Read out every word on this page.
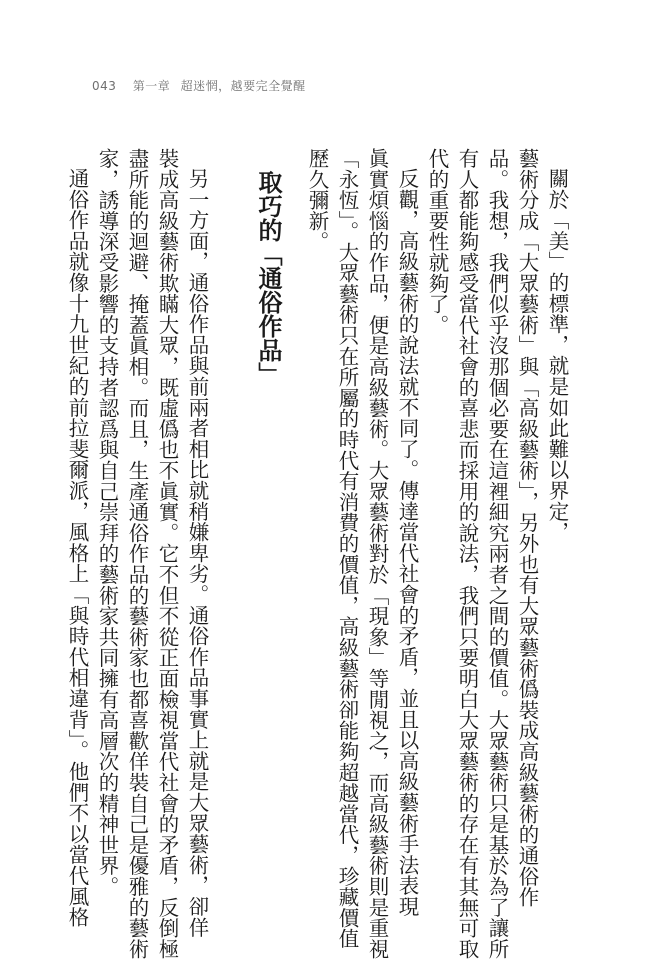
043 第一章 超迷惘，越要完全覺醒
關於「美」的標準，就是如此難以界定，
藝術分成「大眾藝術」與「高級藝術」，另外也有大眾藝術僞裝成高級藝術的通俗作
品。我想，我們似乎沒那個必要在這裡細究兩者之間的價值。大眾藝術只是基於為了讓所
有人都能夠感受當代社會的喜悲而採用的說法，我們只要明白大眾藝術的存在有其無可取
代的重要性就夠了。
反觀，高級藝術的說法就不同了。傳達當代社會的矛盾，並且以高級藝術手法表現
眞實煩惱的作品，便是高級藝術。大眾藝術對於「現象」等閒視之，而高級藝術則是重視
「永恆」。大眾藝術只在所屬的時代有消費的價值，高級藝術卻能夠超越當代，珍藏價值
歷久彌新。
取巧的「通俗作品」
另一方面，通俗作品與前兩者相比就稍嫌卑劣。通俗作品事實上就是大眾藝術，卻佯
裝成高級藝術欺瞞大眾，既虛僞也不眞實。它不但不從正面檢視當代社會的矛盾，反倒極
盡所能的迴避、掩蓋眞相。而且，生產通俗作品的藝術家也都喜歡佯裝自己是優雅的藝術
家，誘導深受影響的支持者認爲與自己崇拜的藝術家共同擁有高層次的精神世界。
通俗作品就像十九世紀的前拉斐爾派，風格上「與時代相違背」。他們不以當代風格
